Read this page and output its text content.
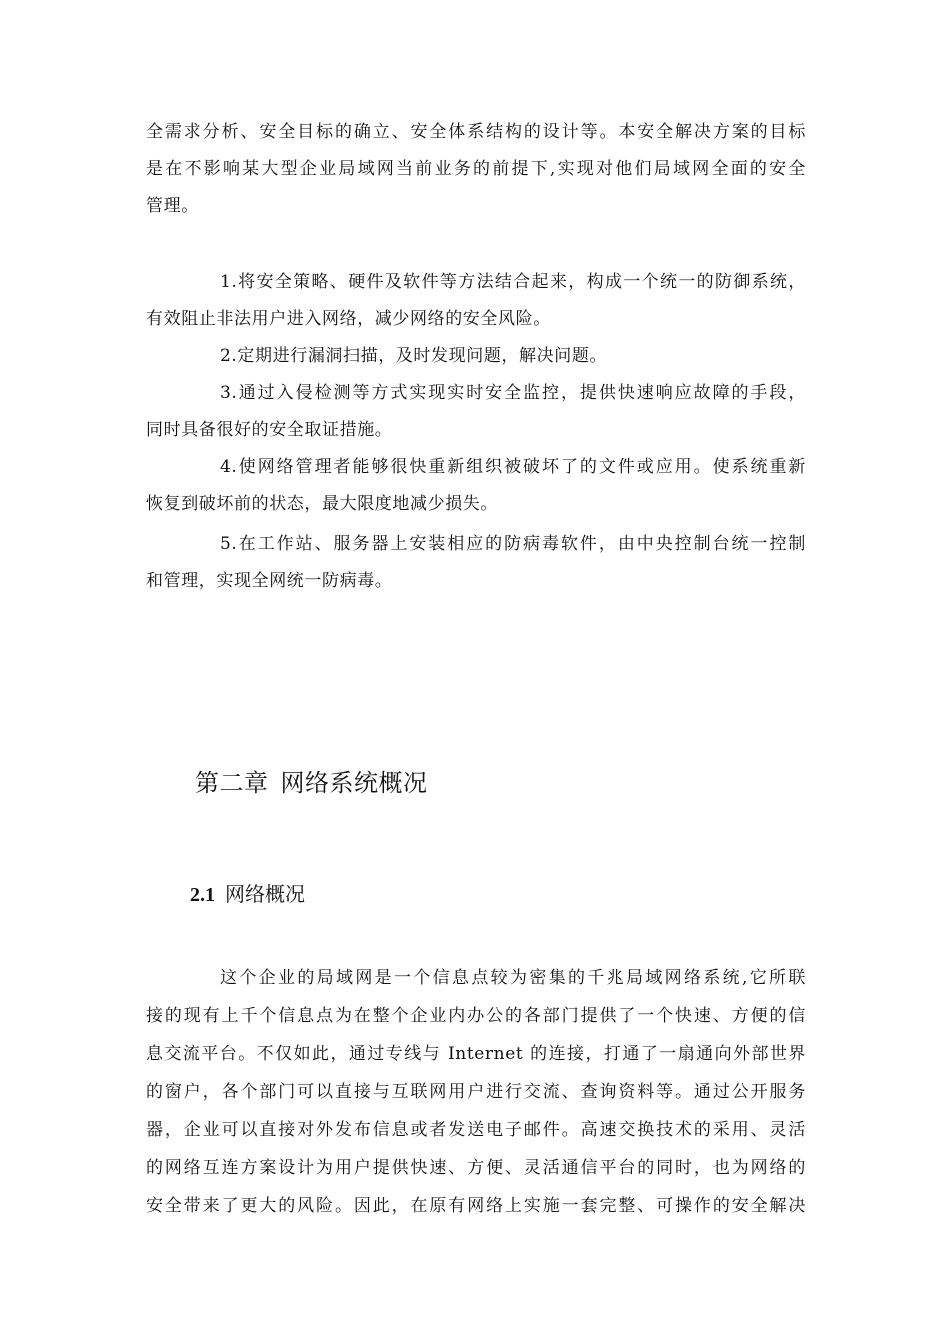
全需求分析、安全目标的确立、安全体系结构的设计等。本安全解决方案的目标
是在不影响某大型企业局域网当前业务的前提下,实现对他们局域网全面的安全
管理。
1.将安全策略、硬件及软件等方法结合起来，构成一个统一的防御系统，
有效阻止非法用户进入网络，减少网络的安全风险。
2.定期进行漏洞扫描，及时发现问题，解决问题。
3.通过入侵检测等方式实现实时安全监控，提供快速响应故障的手段，
同时具备很好的安全取证措施。
4.使网络管理者能够很快重新组织被破坏了的文件或应用。使系统重新
恢复到破坏前的状态，最大限度地减少损失。
5.在工作站、服务器上安装相应的防病毒软件，由中央控制台统一控制
和管理，实现全网统一防病毒。
第二章 网络系统概况
2.1 网络概况
这个企业的局域网是一个信息点较为密集的千兆局域网络系统,它所联
接的现有上千个信息点为在整个企业内办公的各部门提供了一个快速、方便的信
息交流平台。不仅如此，通过专线与 Internet 的连接，打通了一扇通向外部世界
的窗户，各个部门可以直接与互联网用户进行交流、查询资料等。通过公开服务
器，企业可以直接对外发布信息或者发送电子邮件。高速交换技术的采用、灵活
的网络互连方案设计为用户提供快速、方便、灵活通信平台的同时，也为网络的
安全带来了更大的风险。因此，在原有网络上实施一套完整、可操作的安全解决
